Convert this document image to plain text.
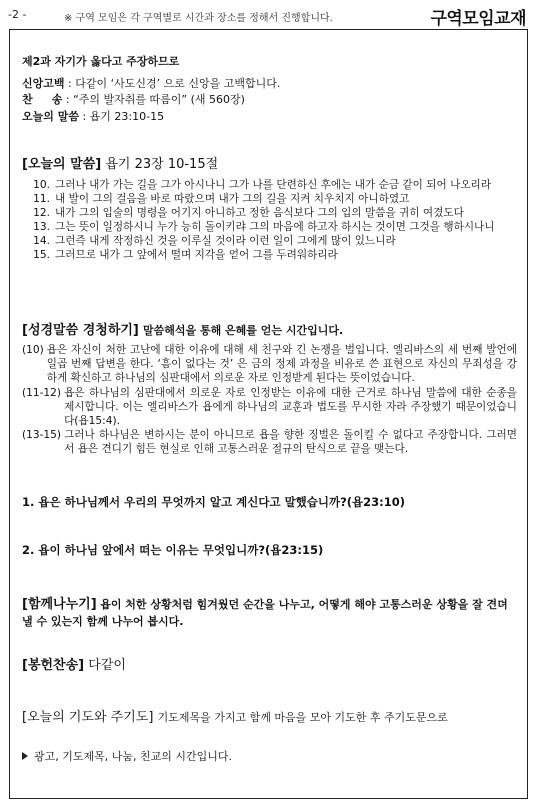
-2 -	※ 구역 모임은 각 구역별로 시간과 장소를 정해서 진행합니다.	구역모임교재
제2과 자기가 옳다고 주장하므로
신앙고백 : 다같이 ‘사도신경’ 으로 신앙을 고백합니다.
찬     송 : “주의 발자취를 따름이” (새 560장)
오늘의 말씀 : 욥기 23:10-15
[오늘의 말씀] 욥기 23장 10-15절
10. 그러나 내가 가는 길을 그가 아시나니 그가 나를 단련하신 후에는 내가 순금 같이 되어 나오리라
11. 내 발이 그의 걸음을 바로 따랐으며 내가 그의 길을 지켜 치우치지 아니하였고
12. 내가 그의 입술의 명령을 어기지 아니하고 정한 음식보다 그의 입의 말씀을 귀히 여겼도다
13. 그는 뜻이 일정하시니 누가 능히 돌이키랴 그의 마음에 하고자 하시는 것이면 그것을 행하시나니
14. 그런즉 내게 작정하신 것을 이루실 것이라 이런 일이 그에게 많이 있느니라
15. 그러므로 내가 그 앞에서 떨며 지각을 얻어 그를 두려워하리라
[성경말씀 경청하기] 말씀해석을 통해 은혜를 얻는 시간입니다.
(10) 욥은 자신이 처한 고난에 대한 이유에 대해 세 친구와 긴 논쟁을 벌입니다. 엘리바스의 세 번째 발언에 일곱 번째 답변을 한다. ‘흠이 없다는 것’ 은 금의 정제 과정을 비유로 쓴 표현으로 자신의 무죄성을 강하게 확신하고 하나님의 심판대에서 의로운 자로 인정받게 된다는 뜻이었습니다.
(11-12) 욥은 하나님의 심판대에서 의로운 자로 인정받는 이유에 대한 근거로 하나님 말씀에 대한 순종을 제시합니다. 이는 엘리바스가 욥에게 하나님의 교훈과 법도를 무시한 자라 주장했기 때문이었습니다(욥15:4).
(13-15) 그러나 하나님은 변하시는 분이 아니므로 욥을 향한 징벌은 돌이킬 수 없다고 주장합니다. 그러면서 욥은 견디기 힘든 현실로 인해 고통스러운 절규의 탄식으로 끝을 맺는다.
1. 욥은 하나님께서 우리의 무엇까지 알고 계신다고 말했습니까?(욥23:10)
2. 욥이 하나님 앞에서 떠는 이유는 무엇입니까?(욥23:15)
[함께나누기] 욥이 처한 상황처럼 힘겨웠던 순간을 나누고, 어떻게 해야 고통스러운 상황을 잘 견뎌낼 수 있는지 함께 나누어 봅시다.
[봉헌찬송] 다같이
[오늘의 기도와 주기도] 기도제목을 가지고 함께 마음을 모아 기도한 후 주기도문으로
광고, 기도제목, 나눔, 친교의 시간입니다.
